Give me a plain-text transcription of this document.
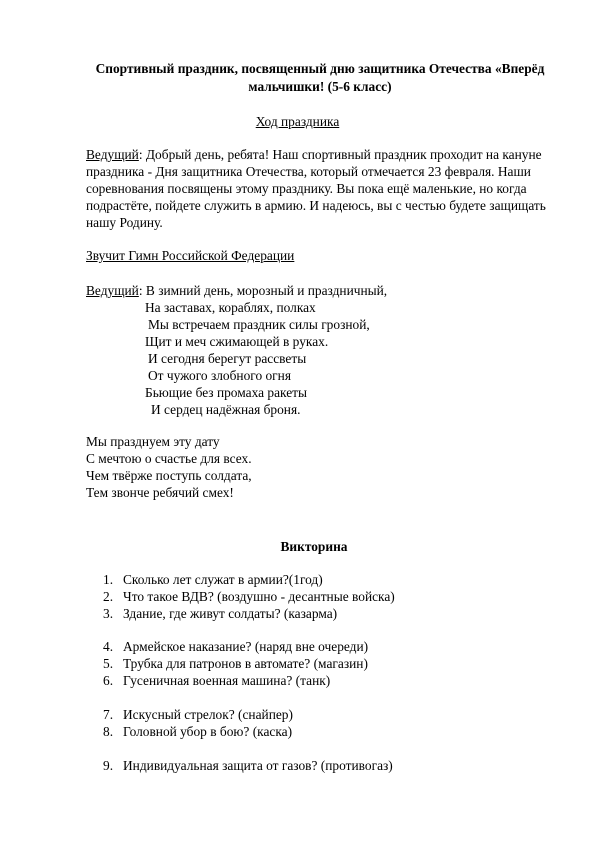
Спортивный праздник, посвященный дню защитника Отечества «Вперёд мальчишки! (5-6 класс)
Ход праздника
Ведущий: Добрый день, ребята! Наш спортивный праздник проходит на кануне праздника - Дня защитника Отечества, который отмечается 23 февраля. Наши соревнования посвящены этому празднику. Вы пока ещё маленькие, но когда подрастёте, пойдете служить в армию. И надеюсь, вы с честью будете защищать нашу Родину.
Звучит Гимн Российской Федерации
Ведущий: В зимний день, морозный и праздничный,
На заставах, кораблях, полках
Мы встречаем праздник силы грозной,
Щит и меч сжимающей в руках.
И сегодня берегут рассветы
От чужого злобного огня
Бьющие без промаха ракеты
И сердец надёжная броня.
Мы празднуем эту дату
С мечтою о счастье для всех.
Чем твёрже поступь солдата,
Тем звонче ребячий смех!
Викторина
1. Сколько лет служат в армии?(1год)
2. Что такое ВДВ? (воздушно - десантные войска)
3. Здание, где живут солдаты? (казарма)
4. Армейское наказание? (наряд вне очереди)
5. Трубка для патронов в автомате? (магазин)
6. Гусеничная военная машина? (танк)
7. Искусный стрелок? (снайпер)
8. Головной убор в бою? (каска)
9. Индивидуальная защита от газов? (противогаз)
